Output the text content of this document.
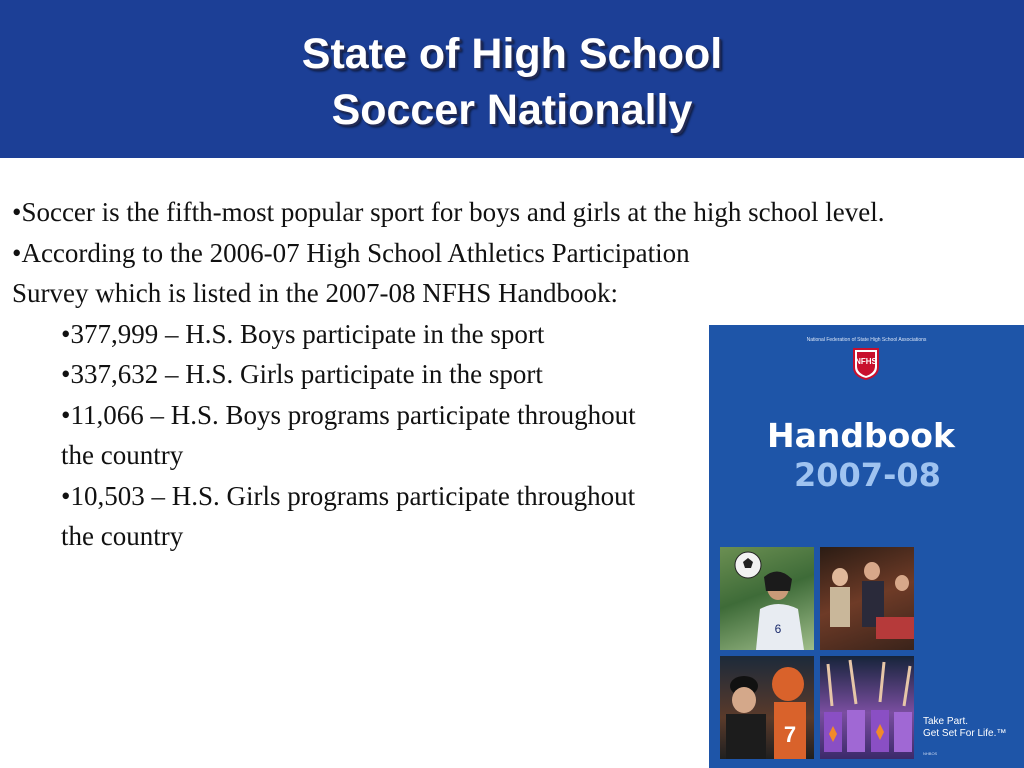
State of High School
Soccer Nationally
•Soccer is the fifth-most popular sport for boys and girls at the high school level.
•According to the 2006-07 High School Athletics Participation Survey which is listed in the 2007-08 NFHS Handbook:
•377,999 – H.S. Boys participate in the sport
•337,632 – H.S. Girls participate in the sport
•11,066 – H.S. Boys programs participate throughout the country
•10,503 – H.S. Girls programs participate throughout the country
National Federation of State High School Associations
NFHS
Handbook
2007-08
6
7
Take Part.
Get Set For Life.™
NHBOS
